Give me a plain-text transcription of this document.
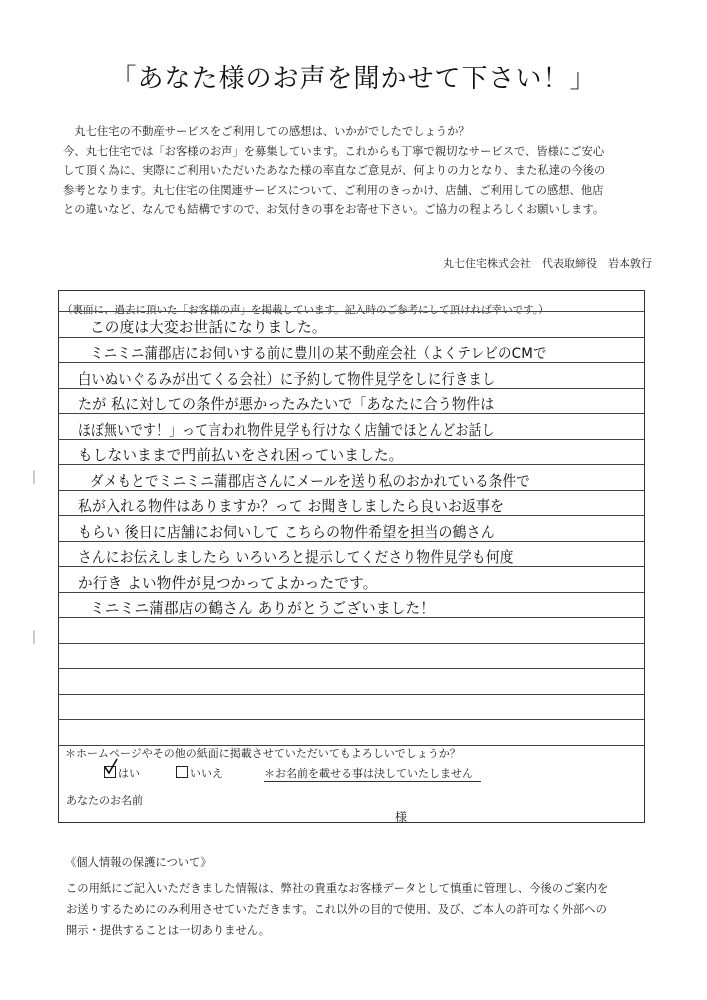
「あなた様のお声を聞かせて下さい！」

丸七住宅の不動産サービスをご利用しての感想は、いかがでしたでしょうか？

今、丸七住宅では「お客様のお声」を募集しています。これからも丁寧で親切なサービスで、皆様にご安心

して頂く為に、実際にご利用いただいたあなた様の率直なご意見が、何よりの力となり、また私達の今後の

参考となります。丸七住宅の住関連サービスについて、ご利用のきっかけ、店舗、ご利用しての感想、他店

との違いなど、なんでも結構ですので、お気付きの事をお寄せ下さい。ご協力の程よろしくお願いします。

丸七住宅株式会社　代表取締役　岩本敦行
（裏面に、過去に頂いた「お客様の声」を掲載しています。記入時のご参考にして頂ければ幸いです。）
この度は大変お世話になりました。
ミニミニ蒲郡店にお伺いする前に豊川の某不動産会社（よくテレビのCMで
白いぬいぐるみが出てくる会社）に予約して物件見学をしに行きまし
たが 私に対しての条件が悪かったみたいで「あなたに合う物件は
ほぼ無いです！」って言われ物件見学も行けなく店舗でほとんどお話し
もしないままで門前払いをされ困っていました。
ダメもとでミニミニ蒲郡店さんにメールを送り私のおかれている条件で
私が入れる物件はありますか？って お聞きしましたら良いお返事を
もらい 後日に店舗にお伺いして こちらの物件希望を担当の鶴さん
さんにお伝えしましたら いろいろと提示してくださり物件見学も何度
か行き よい物件が見つかってよかったです。
ミニミニ蒲郡店の鶴さん ありがとうございました！
＊ホームページやその他の紙面に掲載させていただいてもよろしいでしょうか？
はい	いいえ	＊お名前を載せる事は決していたしません
あなたのお名前
様
《個人情報の保護について》

この用紙にご記入いただきました情報は、弊社の貴重なお客様データとして慎重に管理し、今後のご案内を

お送りするためにのみ利用させていただきます。これ以外の目的で使用、及び、ご本人の許可なく外部への

開示・提供することは一切ありません。
